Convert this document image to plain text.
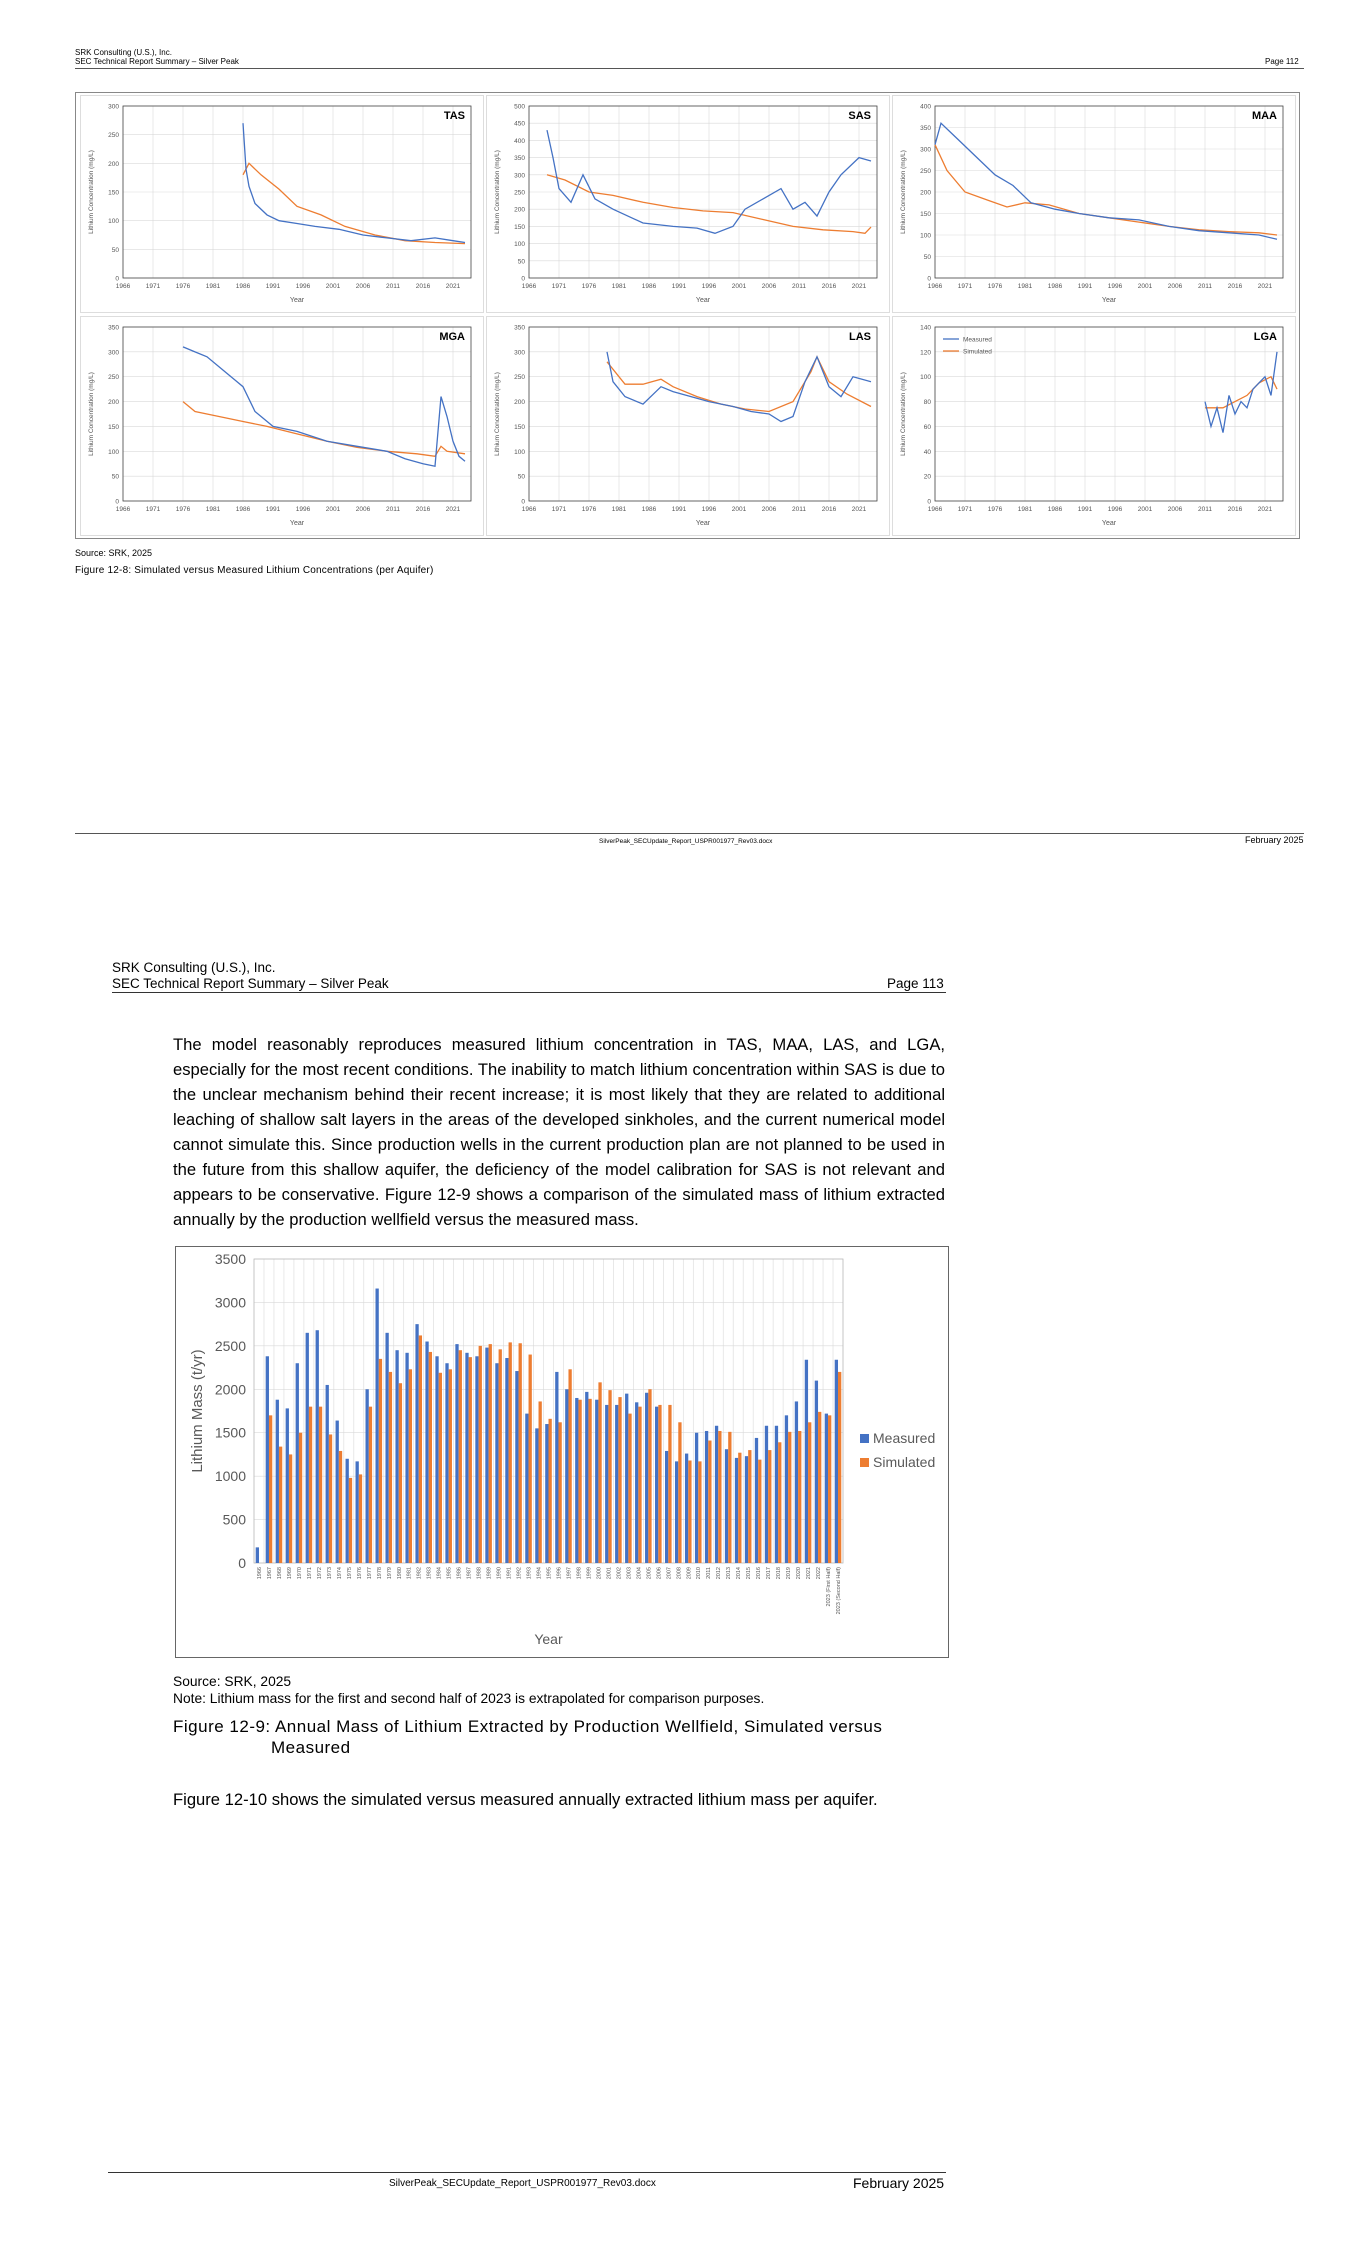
SRK Consulting (U.S.), Inc.
SEC Technical Report Summary – Silver Peak	Page 112
1966 1971 1976 1981 1986 1991 1996 2001 2006 2011 2016 2021
0
50
100
150
200
250
300
Year
Lithium Concentration (mg/L)
TAS
1966 1971 1976 1981 1986 1991 1996 2001 2006 2011 2016 2021
0
50
100
150
200
250
300
350
400
450
500
Year
Lithium Concentration (mg/L)
SAS
1966 1971 1976 1981 1986 1991 1996 2001 2006 2011 2016 2021
0
50
100
150
200
250
300
350
400
Year
Lithium Concentration (mg/L)
MAA
1966 1971 1976 1981 1986 1991 1996 2001 2006 2011 2016 2021
0
50
100
150
200
250
300
350
Year
Lithium Concentration (mg/L)
MGA
1966 1971 1976 1981 1986 1991 1996 2001 2006 2011 2016 2021
0
50
100
150
200
250
300
350
Year
Lithium Concentration (mg/L)
LAS
1966 1971 1976 1981 1986 1991 1996 2001 2006 2011 2016 2021
0
20
40
60
80
100
120
140
Year
Lithium Concentration (mg/L)
LGA
Measured
Simulated
Source: SRK, 2025
Figure 12-8: Simulated versus Measured Lithium Concentrations (per Aquifer)
SilverPeak_SECUpdate_Report_USPR001977_Rev03.docx	February 2025
SRK Consulting (U.S.), Inc.
SEC Technical Report Summary – Silver Peak	Page 113
The model reasonably reproduces measured lithium concentration in TAS, MAA, LAS, and LGA, especially for the most recent conditions. The inability to match lithium concentration within SAS is due to the unclear mechanism behind their recent increase; it is most likely that they are related to additional leaching of shallow salt layers in the areas of the developed sinkholes, and the current numerical model cannot simulate this. Since production wells in the current production plan are not planned to be used in the future from this shallow aquifer, the deficiency of the model calibration for SAS is not relevant and appears to be conservative. Figure 12-9 shows a comparison of the simulated mass of lithium extracted annually by the production wellfield versus the measured mass.
0
500
1000
1500
2000
2500
3000
3500
1966 1967 1968 1969 1970 1971 1972 1973 1974 1975 1976 1977 1978 1979 1980 1981 1982 1983 1984 1985 1986 1987 1988 1989 1990 1991 1992 1993 1994 1995 1996 1997 1998 1999 2000 2001 2002 2003 2004 2005 2006 2007 2008 2009 2010 2011 2012 2013 2014 2015 2016 2017 2018 2019 2020 2021 2022 2023 (First Half) 2023 (Second Half)
Year
Lithium Mass (t/yr)	Measured
Simulated
Source: SRK, 2025
Note: Lithium mass for the first and second half of 2023 is extrapolated for comparison purposes.
Figure 12-9: Annual Mass of Lithium Extracted by Production Wellfield, Simulated versus
Measured
Figure 12-10 shows the simulated versus measured annually extracted lithium mass per aquifer.
SilverPeak_SECUpdate_Report_USPR001977_Rev03.docx	February 2025
